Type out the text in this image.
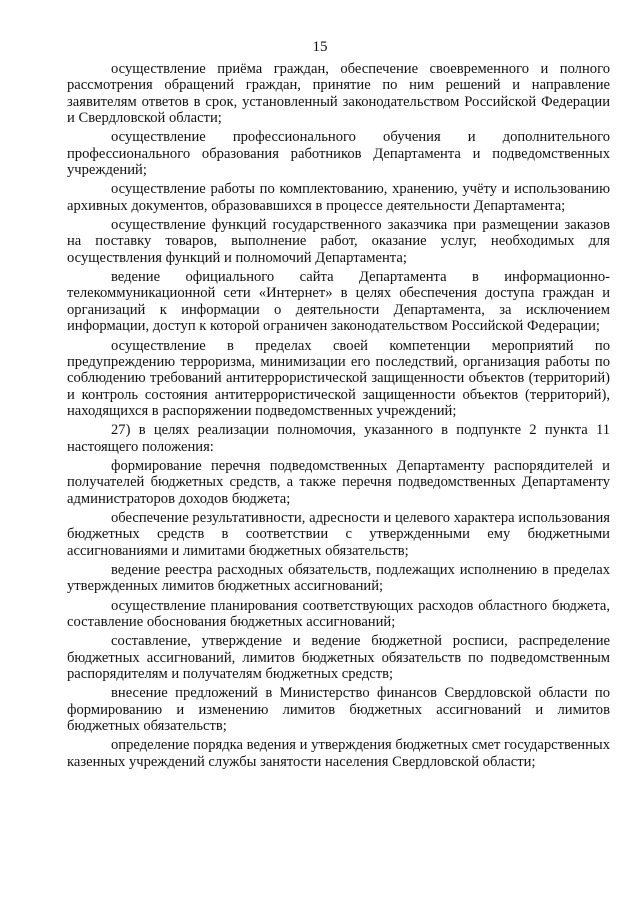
15

осуществление приёма граждан, обеспечение своевременного и полного рассмотрения обращений граждан, принятие по ним решений и направление заявителям ответов в срок, установленный законодательством Российской Федерации и Свердловской области;

осуществление профессионального обучения и дополнительного профессионального образования работников Департамента и подведомственных учреждений;

осуществление работы по комплектованию, хранению, учёту и использованию архивных документов, образовавшихся в процессе деятельности Департамента;

осуществление функций государственного заказчика при размещении заказов на поставку товаров, выполнение работ, оказание услуг, необходимых для осуществления функций и полномочий Департамента;

ведение официального сайта Департамента в информационно-телекоммуникационной сети «Интернет» в целях обеспечения доступа граждан и организаций к информации о деятельности Департамента, за исключением информации, доступ к которой ограничен законодательством Российской Федерации;

осуществление в пределах своей компетенции мероприятий по предупреждению терроризма, минимизации его последствий, организация работы по соблюдению требований антитеррористической защищенности объектов (территорий) и контроль состояния антитеррористической защищенности объектов (территорий), находящихся в распоряжении подведомственных учреждений;

27) в целях реализации полномочия, указанного в подпункте 2 пункта 11 настоящего положения:

формирование перечня подведомственных Департаменту распорядителей и получателей бюджетных средств, а также перечня подведомственных Департаменту администраторов доходов бюджета;

обеспечение результативности, адресности и целевого характера использования бюджетных средств в соответствии с утвержденными ему бюджетными ассигнованиями и лимитами бюджетных обязательств;

ведение реестра расходных обязательств, подлежащих исполнению в пределах утвержденных лимитов бюджетных ассигнований;

осуществление планирования соответствующих расходов областного бюджета, составление обоснования бюджетных ассигнований;

составление, утверждение и ведение бюджетной росписи, распределение бюджетных ассигнований, лимитов бюджетных обязательств по подведомственным распорядителям и получателям бюджетных средств;

внесение предложений в Министерство финансов Свердловской области по формированию и изменению лимитов бюджетных ассигнований и лимитов бюджетных обязательств;

определение порядка ведения и утверждения бюджетных смет государственных казенных учреждений службы занятости населения Свердловской области;
